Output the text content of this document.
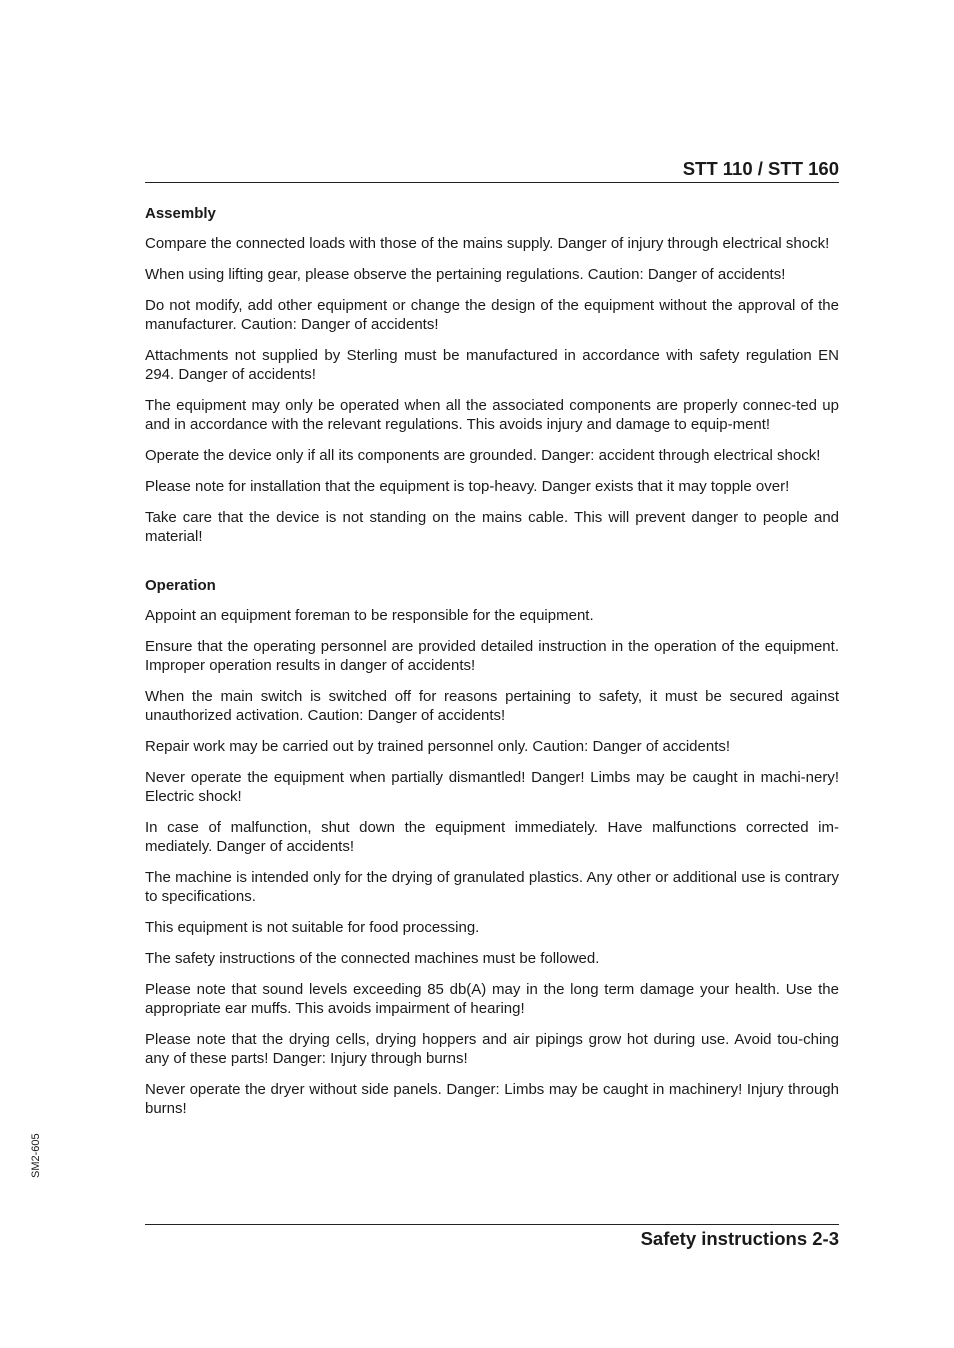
STT 110 / STT 160
Assembly

Compare the connected loads with those of the mains supply. Danger of injury through electrical shock!

When using lifting gear, please observe the pertaining regulations. Caution: Danger of accidents!

Do not modify, add other equipment or change the design of the equipment without the approval of the manufacturer. Caution: Danger of accidents!

Attachments not supplied by Sterling must be manufactured in accordance with safety regulation EN 294. Danger of accidents!

The equipment may only be operated when all the associated components are properly connec-ted up and in accordance with the relevant regulations. This avoids injury and damage to equip-ment!

Operate the device only if all its components are grounded. Danger: accident through electrical shock!

Please note for installation that the equipment is top-heavy. Danger exists that it may topple over!

Take care that the device is not standing on the mains cable. This will prevent danger to people and material!

Operation

Appoint an equipment foreman to be responsible for the equipment.

Ensure that the operating personnel are provided detailed instruction in the operation of the equipment. Improper operation results in danger of accidents!

When the main switch is switched off for reasons pertaining to safety, it must be secured against unauthorized activation. Caution: Danger of accidents!

Repair work may be carried out by trained personnel only. Caution: Danger of accidents!

Never operate the equipment when partially dismantled! Danger! Limbs may be caught in machi-nery! Electric shock!

In case of malfunction, shut down the equipment immediately. Have malfunctions corrected im-mediately. Danger of accidents!

The machine is intended only for the drying of granulated plastics. Any other or additional use is contrary to specifications.

This equipment is not suitable for food processing.

The safety instructions of the connected machines must be followed.

Please note that sound levels exceeding 85 db(A) may in the long term damage your health. Use the appropriate ear muffs. This avoids impairment of hearing!

Please note that the drying cells, drying hoppers and air pipings grow hot during use. Avoid tou-ching any of these parts! Danger: Injury through burns!

Never operate the dryer without side panels. Danger: Limbs may be caught in machinery! Injury through burns!

Safety instructions 2-3
SM2-605
